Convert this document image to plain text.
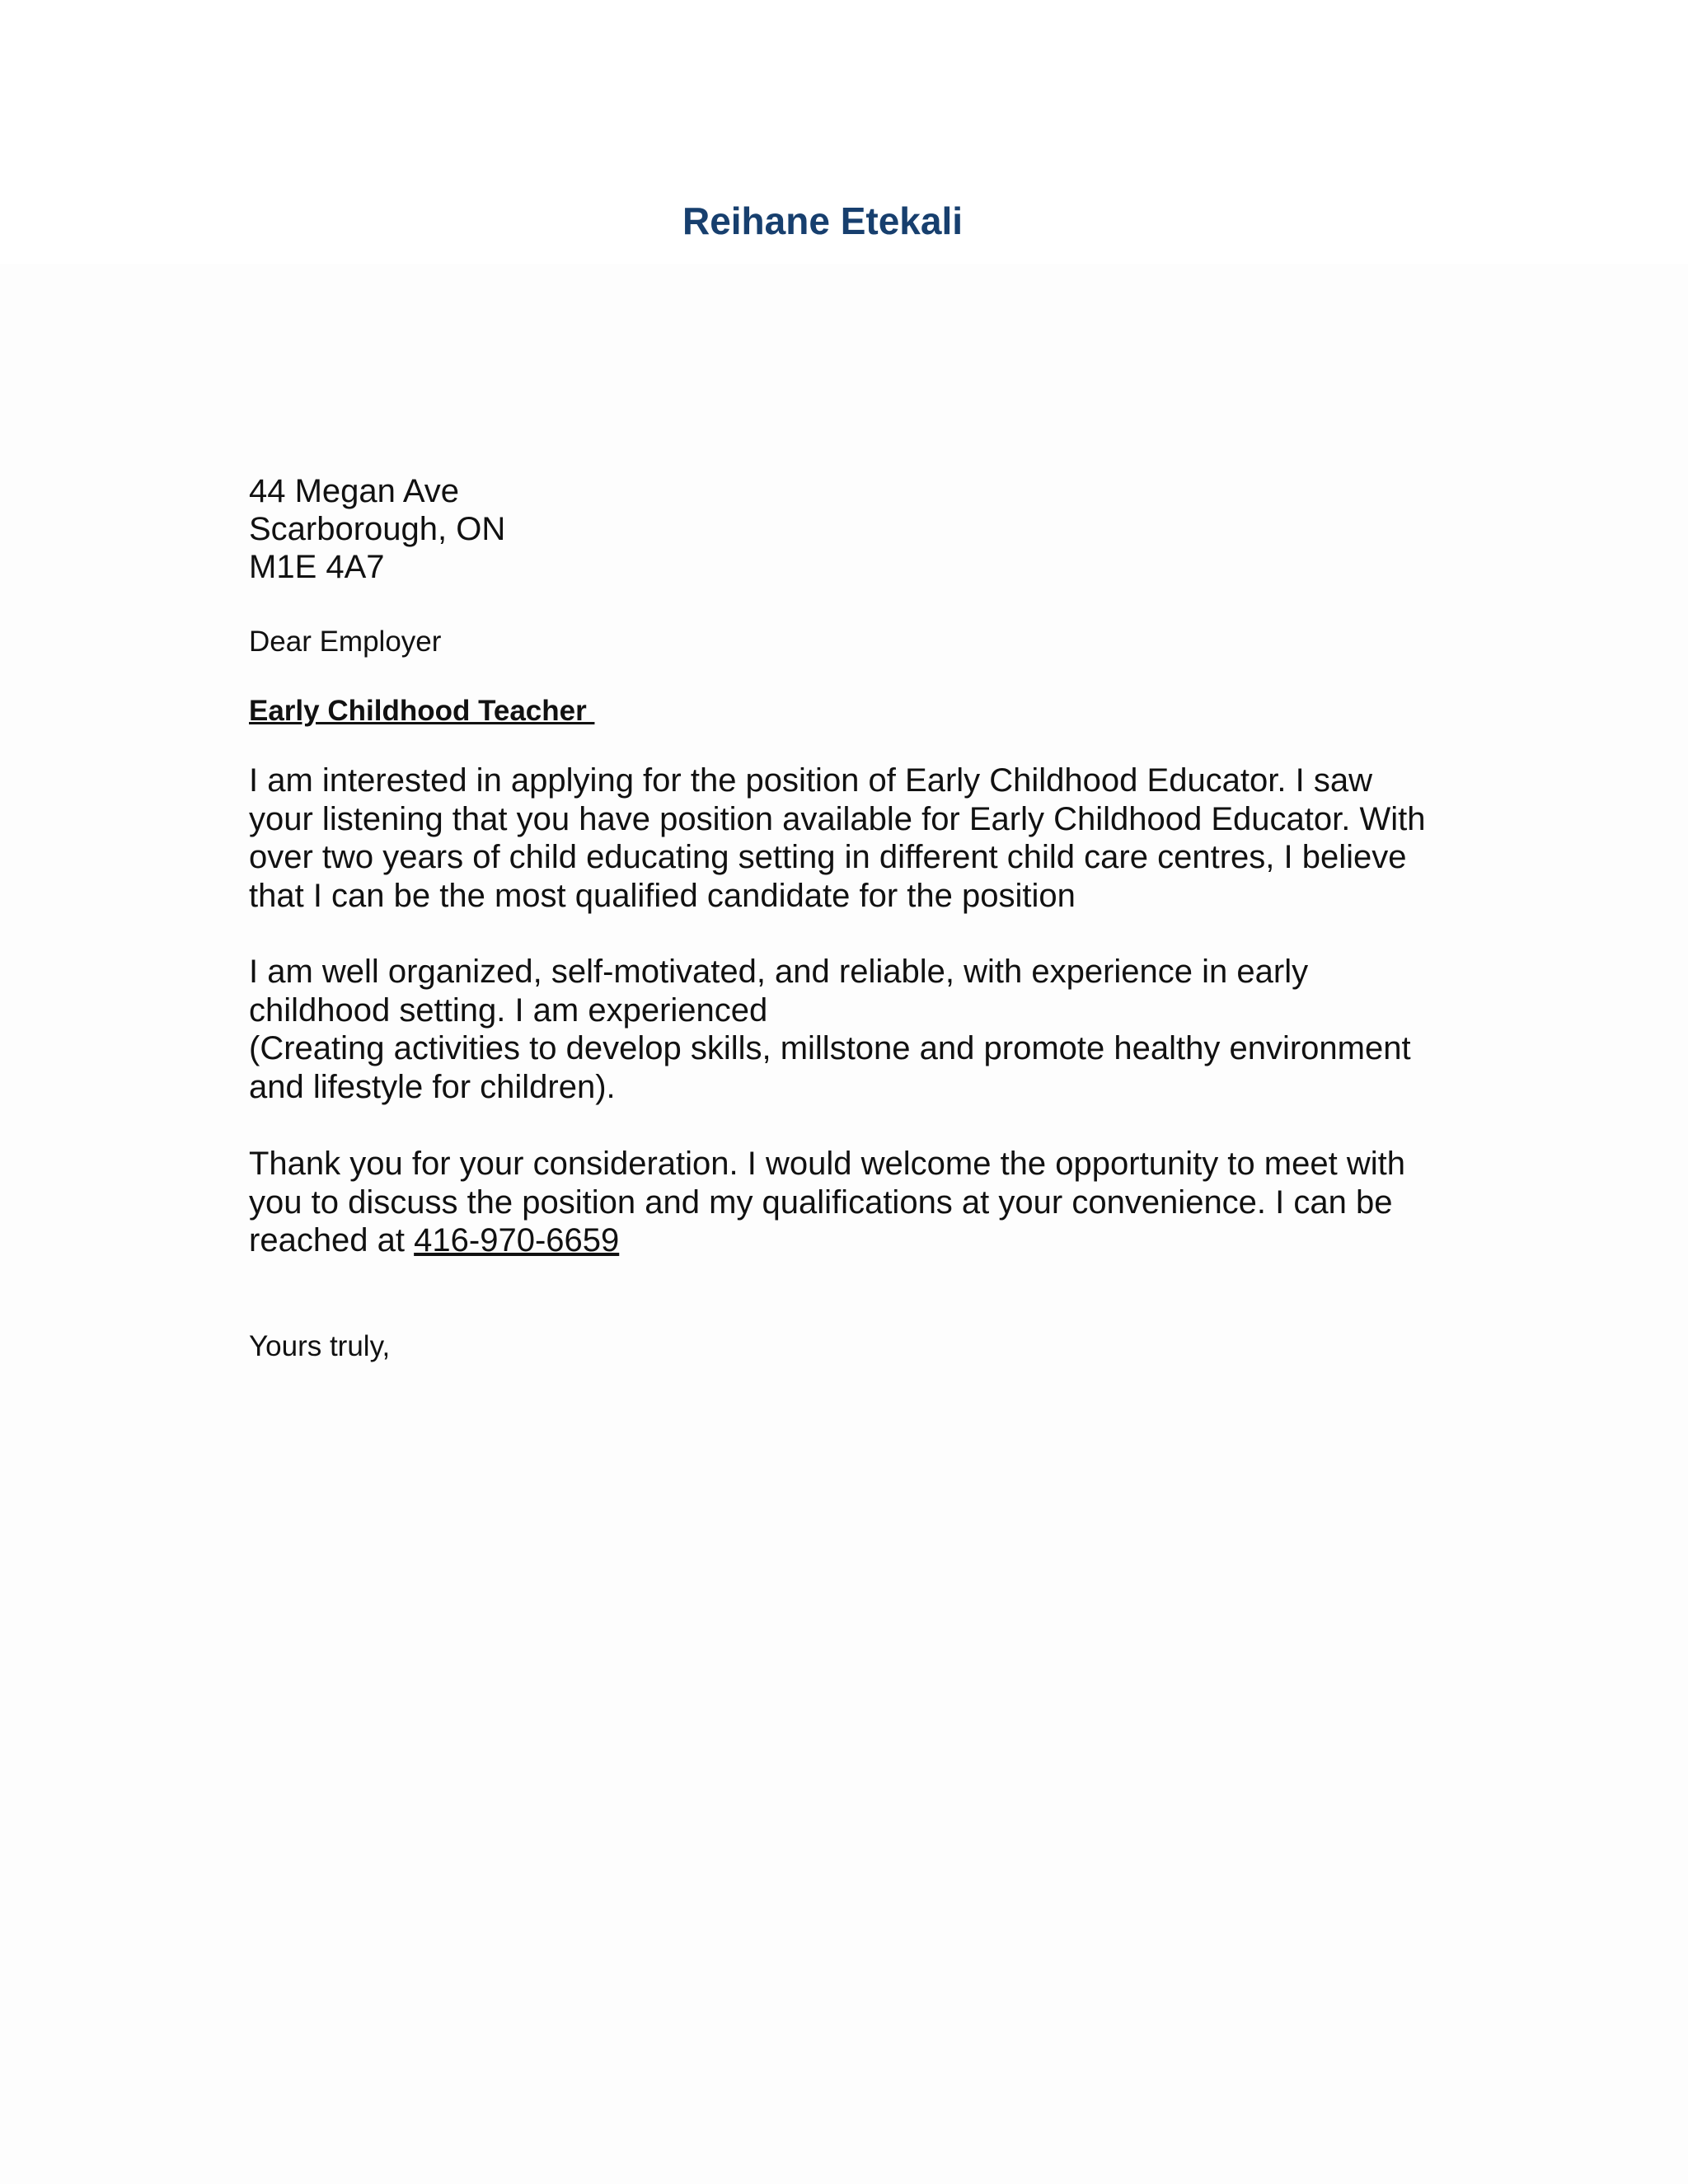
Reihane Etekali
44 Megan Ave
Scarborough, ON
M1E 4A7
Dear Employer
Early Childhood Teacher
I am interested in applying for the position of Early Childhood Educator. I saw
your listening that you have position available for Early Childhood Educator. With
over two years of child educating setting in different child care centres, I believe
that I can be the most qualified candidate for the position
I am well organized, self-motivated, and reliable, with experience in early
childhood setting. I am experienced
(Creating activities to develop skills, millstone and promote healthy environment
and lifestyle for children).
Thank you for your consideration. I would welcome the opportunity to meet with
you to discuss the position and my qualifications at your convenience. I can be
reached at 416-970-6659
Yours truly,
